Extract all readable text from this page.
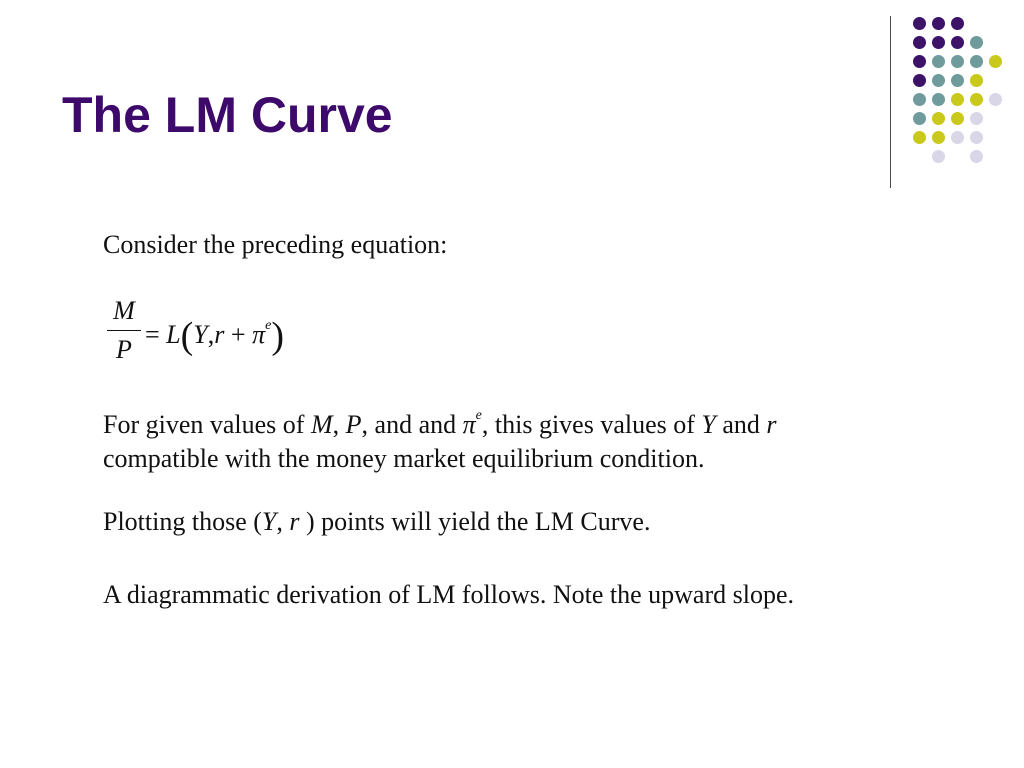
The LM Curve
Consider the preceding equation:
M
P
= $L(Y,r + \pi^e)$
For given values of M, P, and and $\pi^e$, this gives values of Y and r
compatible with the money market equilibrium condition.
Plotting those (Y, r ) points will yield the LM Curve.
A diagrammatic derivation of LM follows. Note the upward slope.
